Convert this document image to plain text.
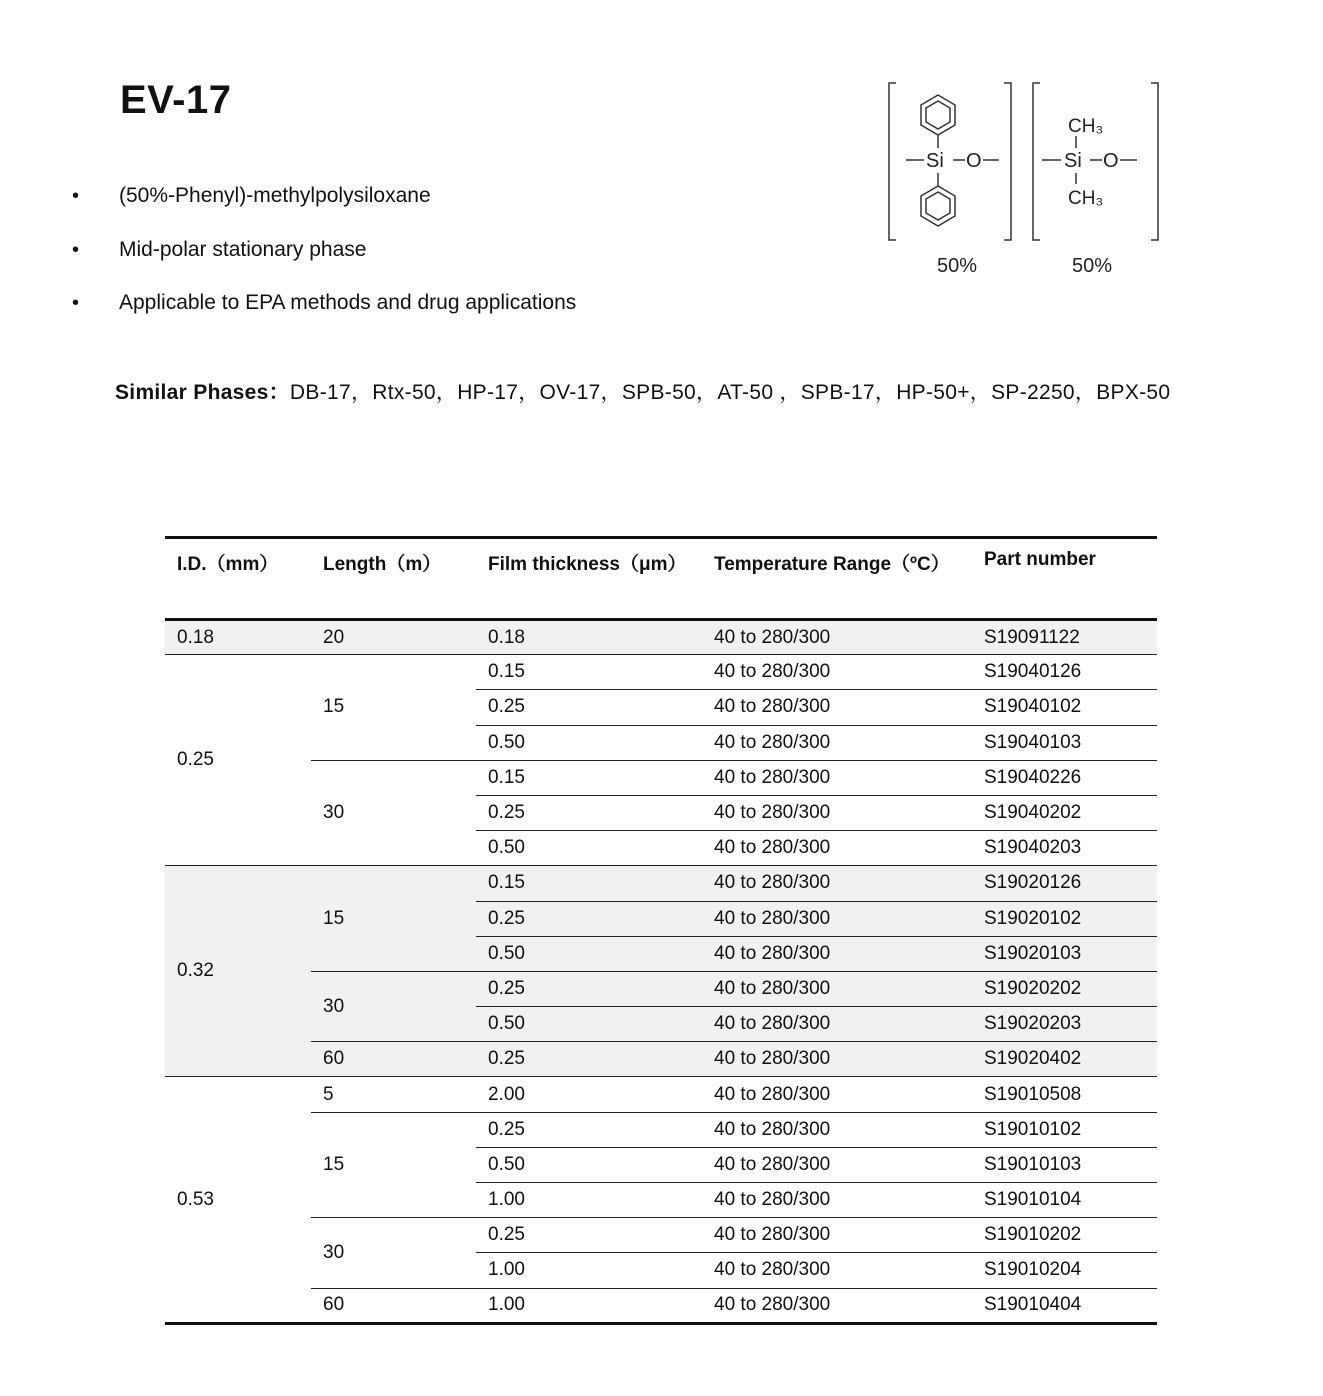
EV-17
• (50%-Phenyl)-methylpolysiloxane
• Mid-polar stationary phase
• Applicable to EPA methods and drug applications
Si O	Si O
CH₃
CH₃
50%	50%
Similar Phases：DB-17，Rtx-50，HP-17，OV-17，SPB-50，AT-50 ，SPB-17，HP-50+，SP-2250，BPX-50
I.D.（mm）	Length（m）	Film thickness（μm）	Temperature Range（ºC）	Part number
0.18	20	0.18	40 to 280/300	S19091122
0.25	15	0.15	40 to 280/300	S19040126
		0.25	40 to 280/300	S19040102
		0.50	40 to 280/300	S19040103
	30	0.15	40 to 280/300	S19040226
		0.25	40 to 280/300	S19040202
		0.50	40 to 280/300	S19040203
0.32	15	0.15	40 to 280/300	S19020126
		0.25	40 to 280/300	S19020102
		0.50	40 to 280/300	S19020103
	30	0.25	40 to 280/300	S19020202
		0.50	40 to 280/300	S19020203
	60	0.25	40 to 280/300	S19020402
0.53	5	2.00	40 to 280/300	S19010508
	15	0.25	40 to 280/300	S19010102
		0.50	40 to 280/300	S19010103
		1.00	40 to 280/300	S19010104
	30	0.25	40 to 280/300	S19010202
		1.00	40 to 280/300	S19010204
	60	1.00	40 to 280/300	S19010404
